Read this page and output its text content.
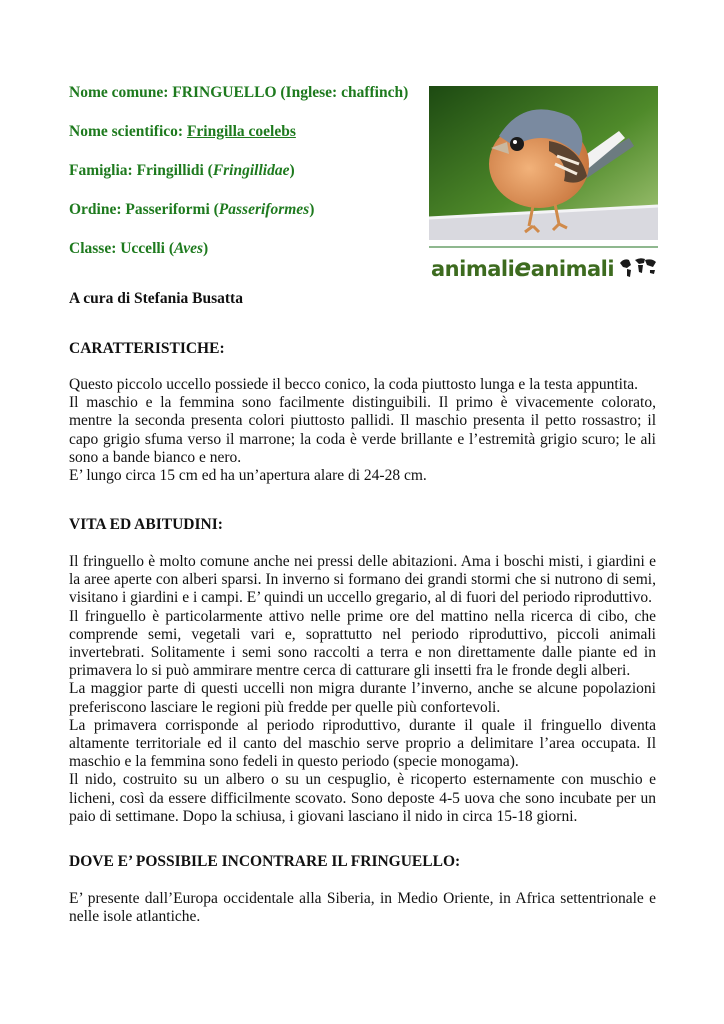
Nome comune: FRINGUELLO (Inglese: chaffinch)
Nome scientifico: Fringilla coelebs
Famiglia: Fringillidi (Fringillidae)
Ordine: Passeriformi (Passeriformes)
Classe: Uccelli (Aves)
animalieanimali
A cura di Stefania Busatta
CARATTERISTICHE:

Questo piccolo uccello possiede il becco conico, la coda piuttosto lunga e la testa appuntita.

Il maschio e la femmina sono facilmente distinguibili. Il primo è vivacemente colorato, mentre la seconda presenta colori piuttosto pallidi. Il maschio presenta il petto rossastro; il capo grigio sfuma verso il marrone; la coda è verde brillante e l’estremità grigio scuro; le ali sono a bande bianco e nero.

E’ lungo circa 15 cm ed ha un’apertura alare di 24-28 cm.

VITA ED ABITUDINI:

Il fringuello è molto comune anche nei pressi delle abitazioni. Ama i boschi misti, i giardini e la aree aperte con alberi sparsi. In inverno si formano dei grandi stormi che si nutrono di semi, visitano i giardini e i campi. E’ quindi un uccello gregario, al di fuori del periodo riproduttivo.

Il fringuello è particolarmente attivo nelle prime ore del mattino nella ricerca di cibo, che comprende semi, vegetali vari e, soprattutto nel periodo riproduttivo, piccoli animali invertebrati. Solitamente i semi sono raccolti a terra e non direttamente dalle piante ed in primavera lo si può ammirare mentre cerca di catturare gli insetti fra le fronde degli alberi.

La maggior parte di questi uccelli non migra durante l’inverno, anche se alcune popolazioni preferiscono lasciare le regioni più fredde per quelle più confortevoli.

La primavera corrisponde al periodo riproduttivo, durante il quale il fringuello diventa altamente territoriale ed il canto del maschio serve proprio a delimitare l’area occupata. Il maschio e la femmina sono fedeli in questo periodo (specie monogama).

Il nido, costruito su un albero o su un cespuglio, è ricoperto esternamente con muschio e licheni, così da essere difficilmente scovato. Sono deposte 4-5 uova che sono incubate per un paio di settimane. Dopo la schiusa, i giovani lasciano il nido in circa 15-18 giorni.

DOVE E’ POSSIBILE INCONTRARE IL FRINGUELLO:

E’ presente dall’Europa occidentale alla Siberia, in Medio Oriente, in Africa settentrionale e nelle isole atlantiche.
